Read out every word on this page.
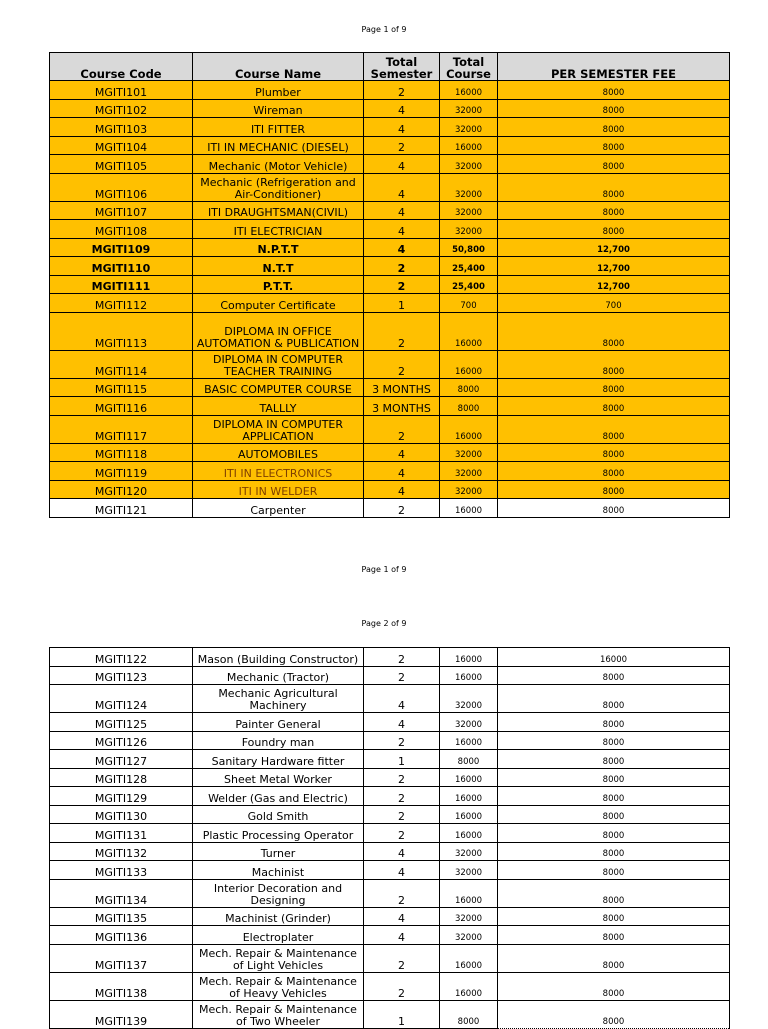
Page 1 of 9
Course Code	Course Name	Total Semester	Total Course	PER SEMESTER FEE
MGITI101	Plumber	2	16000	8000
MGITI102	Wireman	4	32000	8000
MGITI103	ITI FITTER	4	32000	8000
MGITI104	ITI IN MECHANIC (DIESEL)	2	16000	8000
MGITI105	Mechanic (Motor Vehicle)	4	32000	8000
MGITI106	Mechanic (Refrigeration and Air-Conditioner)	4	32000	8000
MGITI107	ITI DRAUGHTSMAN(CIVIL)	4	32000	8000
MGITI108	ITI ELECTRICIAN	4	32000	8000
MGITI109	N.P.T.T	4	50,800	12,700
MGITI110	N.T.T	2	25,400	12,700
MGITI111	P.T.T.	2	25,400	12,700
MGITI112	Computer Certificate	1	700	700
MGITI113	DIPLOMA IN OFFICE AUTOMATION & PUBLICATION	2	16000	8000
MGITI114	DIPLOMA IN COMPUTER TEACHER TRAINING	2	16000	8000
MGITI115	BASIC COMPUTER COURSE	3 MONTHS	8000	8000
MGITI116	TALLLY	3 MONTHS	8000	8000
MGITI117	DIPLOMA IN COMPUTER APPLICATION	2	16000	8000
MGITI118	AUTOMOBILES	4	32000	8000
MGITI119	ITI IN ELECTRONICS	4	32000	8000
MGITI120	ITI IN WELDER	4	32000	8000
MGITI121	Carpenter	2	16000	8000
Page 1 of 9
Page 2 of 9
MGITI122	Mason (Building Constructor)	2	16000	16000
MGITI123	Mechanic (Tractor)	2	16000	8000
MGITI124	Mechanic Agricultural Machinery	4	32000	8000
MGITI125	Painter General	4	32000	8000
MGITI126	Foundry man	2	16000	8000
MGITI127	Sanitary Hardware fitter	1	8000	8000
MGITI128	Sheet Metal Worker	2	16000	8000
MGITI129	Welder (Gas and Electric)	2	16000	8000
MGITI130	Gold Smith	2	16000	8000
MGITI131	Plastic Processing Operator	2	16000	8000
MGITI132	Turner	4	32000	8000
MGITI133	Machinist	4	32000	8000
MGITI134	Interior Decoration and Designing	2	16000	8000
MGITI135	Machinist (Grinder)	4	32000	8000
MGITI136	Electroplater	4	32000	8000
MGITI137	Mech. Repair & Maintenance of Light Vehicles	2	16000	8000
MGITI138	Mech. Repair & Maintenance of Heavy Vehicles	2	16000	8000
MGITI139	Mech. Repair & Maintenance of Two Wheeler	1	8000	8000
